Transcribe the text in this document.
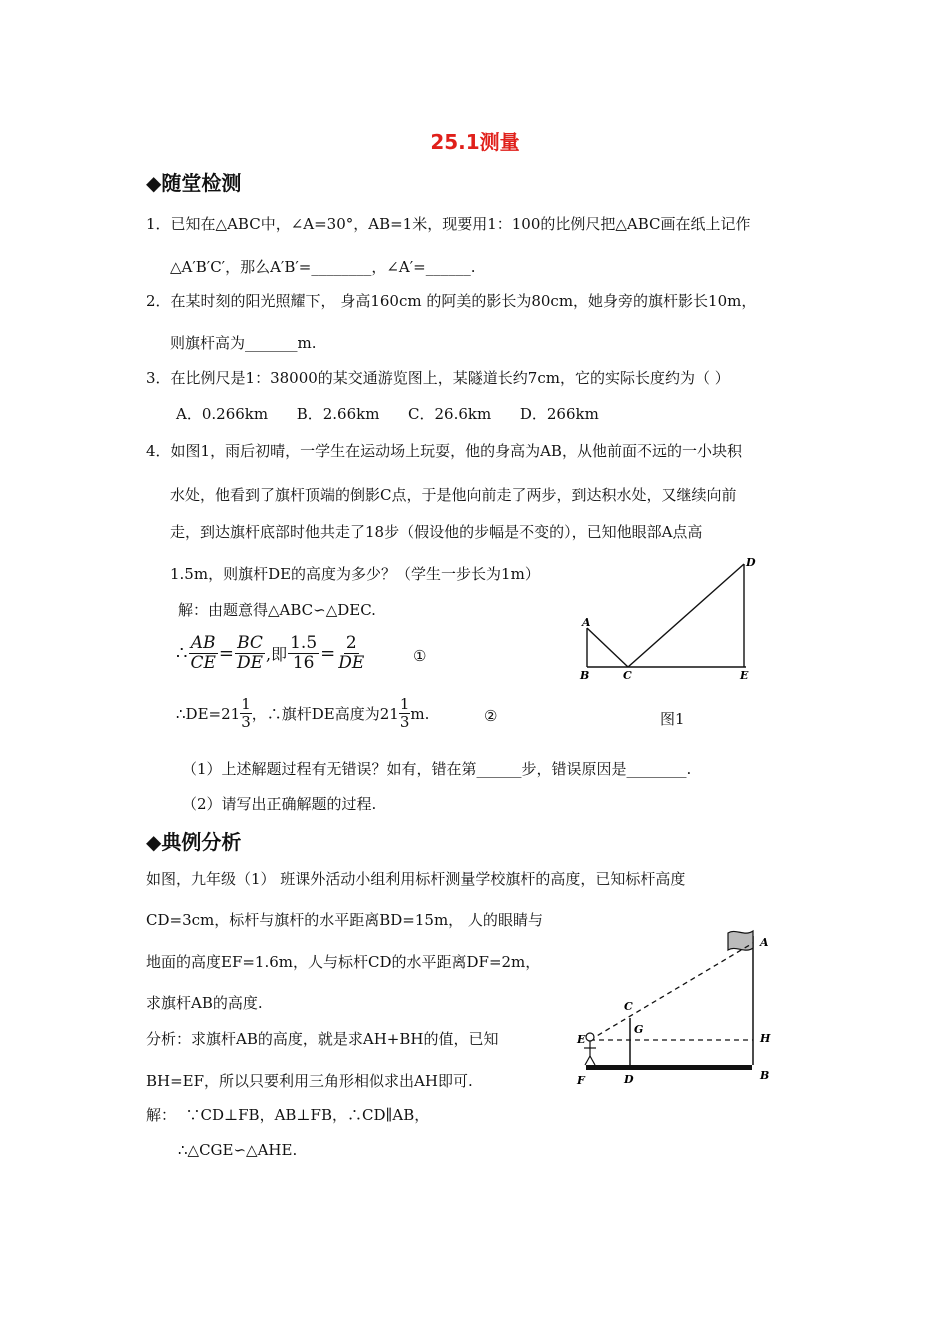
25.1测量
◆随堂检测
1．已知在△ABC中，∠A=30°，AB=1米，现要用1：100的比例尺把△ABC画在纸上记作
△A′B′C′，那么A′B′=________，∠A′=______.
2．在某时刻的阳光照耀下， 身高160cm 的阿美的影长为80cm，她身旁的旗杆影长10m，
则旗杆高为_______m.
3．在比例尺是1：38000的某交通游览图上，某隧道长约7cm，它的实际长度约为（ ）
A．0.266km      B．2.66km      C．26.6km      D．266km
4．如图1，雨后初晴，一学生在运动场上玩耍，他的身高为AB，从他前面不远的一小块积
水处，他看到了旗杆顶端的倒影C点，于是他向前走了两步，到达积水处，又继续向前
走，到达旗杆底部时他共走了18步（假设他的步幅是不变的），已知他眼部A点高
1.5m，则旗杆DE的高度为多少？（学生一步长为1m）
解：由题意得△ABC∽△DEC.
∴ $\frac{AB}{CE} = \frac{BC}{DE}$ ,即 $\frac{1.5}{16} = \frac{2}{DE}$	①
∴DE=21 $\frac{1}{3}$ ，∴旗杆DE高度为$21 \frac{1}{3} m$.	②	图1
（1）上述解题过程有无错误？如有，错在第______步，错误原因是________.
（2）请写出正确解题的过程.
A
B	C
D
E
◆典例分析
如图，九年级（1） 班课外活动小组利用标杆测量学校旗杆的高度，已知标杆高度
CD=3cm，标杆与旗杆的水平距离BD=15m， 人的眼睛与
地面的高度EF=1.6m，人与标杆CD的水平距离DF=2m，
求旗杆AB的高度.
分析：求旗杆AB的高度，就是求AH+BH的值，已知
BH=EF，所以只要利用三角形相似求出AH即可.
解：  ∵CD⊥FB，AB⊥FB，∴CD∥AB，
∴△CGE∽△AHE.
A
B
C
D
E
F
G
H
